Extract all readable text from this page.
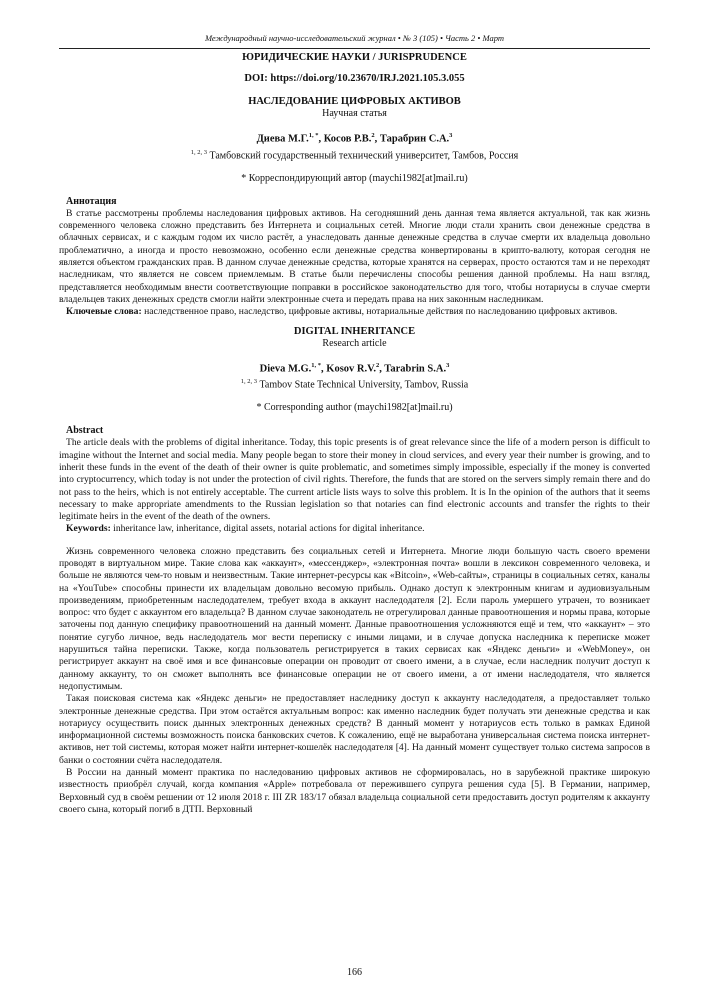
Международный научно-исследовательский журнал • № 3 (105) • Часть 2 • Март
ЮРИДИЧЕСКИЕ НАУКИ / JURISPRUDENCE
DOI: https://doi.org/10.23670/IRJ.2021.105.3.055
НАСЛЕДОВАНИЕ ЦИФРОВЫХ АКТИВОВ
Научная статья
Диева М.Г.$^{1, *}$, Косов Р.В.$^2$, Тарабрин С.А.$^3$
$^{1, 2, 3}$ Тамбовский государственный технический университет, Тамбов, Россия
* Корреспондирующий автор (maychi1982[at]mail.ru)
Аннотация

В статье рассмотрены проблемы наследования цифровых активов. На сегодняшний день данная тема является актуальной, так как жизнь современного человека сложно представить без Интернета и социальных сетей. Многие люди стали хранить свои денежные средства в облачных сервисах, и с каждым годом их число растёт, а унаследовать данные денежные средства в случае смерти их владельца довольно проблематично, а иногда и просто невозможно, особенно если денежные средства конвертированы в крипто-валюту, которая сегодня не является объектом гражданских прав. В данном случае денежные средства, которые хранятся на серверах, просто остаются там и не переходят наследникам, что является не совсем приемлемым. В статье были перечислены способы решения данной проблемы. На наш взгляд, представляется необходимым внести соответствующие поправки в российское законодательство для того, чтобы нотариусы в случае смерти владельцев таких денежных средств смогли найти электронные счета и передать права на них законным наследникам.

Ключевые слова: наследственное право, наследство, цифровые активы, нотариальные действия по наследованию цифровых активов.

DIGITAL INHERITANCE
Research article
Dieva M.G.$^{1, *}$, Kosov R.V.$^2$, Tarabrin S.A.$^3$
$^{1, 2, 3}$ Tambov State Technical University, Tambov, Russia
* Corresponding author (maychi1982[at]mail.ru)
Abstract

The article deals with the problems of digital inheritance. Today, this topic presents is of great relevance since the life of a modern person is difficult to imagine without the Internet and social media. Many people began to store their money in cloud services, and every year their number is growing, and to inherit these funds in the event of the death of their owner is quite problematic, and sometimes simply impossible, especially if the money is converted into cryptocurrency, which today is not under the protection of civil rights. Therefore, the funds that are stored on the servers simply remain there and do not pass to the heirs, which is not entirely acceptable. The current article lists ways to solve this problem. It is In the opinion of the authors that it seems necessary to make appropriate amendments to the Russian legislation so that notaries can find electronic accounts and transfer the rights to their legitimate heirs in the event of the death of the owners.

Keywords: inheritance law, inheritance, digital assets, notarial actions for digital inheritance.

Жизнь современного человека сложно представить без социальных сетей и Интернета. Многие люди большую часть своего времени проводят в виртуальном мире. Такие слова как «аккаунт», «мессенджер», «электронная почта» вошли в лексикон современного человека, и больше не являются чем-то новым и неизвестным. Такие интернет-ресурсы как «Bitcoin», «Web-сайты», страницы в социальных сетях, каналы на «YouTube» способны принести их владельцам довольно весомую прибыль. Однако доступ к электронным книгам и аудиовизуальным произведениям, приобретенным наследодателем, требует входа в аккаунт наследодателя [2]. Если пароль умершего утрачен, то возникает вопрос: что будет с аккаунтом его владельца? В данном случае законодатель не отрегулировал данные правоотношения и нормы права, которые заточены под данную специфику правоотношений на данный момент. Данные правоотношения усложняются ещё и тем, что «аккаунт» – это понятие сугубо личное, ведь наследодатель мог вести переписку с иными лицами, и в случае допуска наследника к переписке может нарушиться тайна переписки. Также, когда пользователь регистрируется в таких сервисах как «Яндекс деньги» и «WebMoney», он регистрирует аккаунт на своё имя и все финансовые операции он проводит от своего имени, а в случае, если наследник получит доступ к данному аккаунту, то он сможет выполнять все финансовые операции не от своего имени, а от имени наследодателя, что является недопустимым.

Такая поисковая система как «Яндекс деньги» не предоставляет наследнику доступ к аккаунту наследодателя, а предоставляет только электронные денежные средства. При этом остаётся актуальным вопрос: как именно наследник будет получать эти денежные средства и как нотариусу осуществить поиск дынных электронных денежных средств? В данный момент у нотариусов есть только в рамках Единой информационной системы возможность поиска банковских счетов. К сожалению, ещё не выработана универсальная система поиска интернет-активов, нет той системы, которая может найти интернет-кошелёк наследодателя [4]. На данный момент существует только система запросов в банки о состоянии счёта наследодателя.

В России на данный момент практика по наследованию цифровых активов не сформировалась, но в зарубежной практике широкую известность приобрёл случай, когда компания «Apple» потребовала от пережившего супруга решения суда [5]. В Германии, например, Верховный суд в своём решении от 12 июля 2018 г. III ZR 183/17 обязал владельца социальной сети предоставить доступ родителям к аккаунту своего сына, который погиб в ДТП. Верховный

166
